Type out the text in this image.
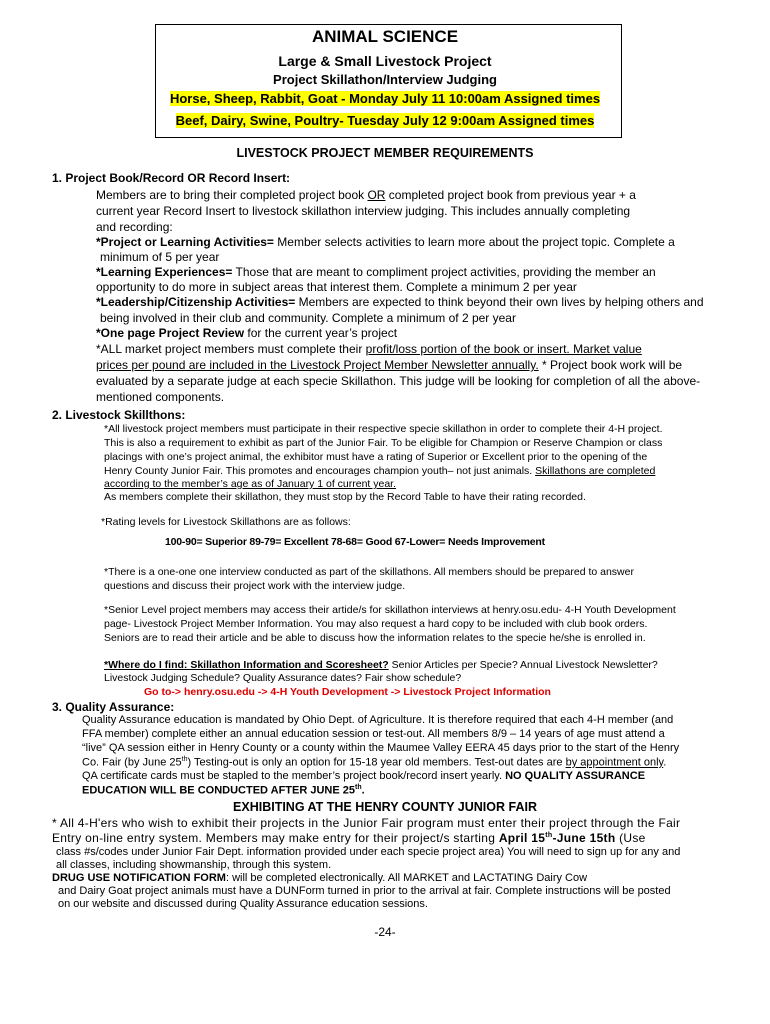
ANIMAL SCIENCE
Large & Small Livestock Project
Project Skillathon/Interview Judging
Horse, Sheep, Rabbit, Goat - Monday July 11 10:00am Assigned times
Beef, Dairy, Swine, Poultry- Tuesday July 12 9:00am Assigned times
LIVESTOCK PROJECT MEMBER REQUIREMENTS
1. Project Book/Record OR Record Insert:
Members are to bring their completed project book OR completed project book from previous year + a
current year Record Insert to livestock skillathon interview judging. This includes annually completing
and recording:
*Project or Learning Activities= Member selects activities to learn more about the project topic. Complete a
minimum of 5 per year
*Learning Experiences= Those that are meant to compliment project activities, providing the member an
opportunity to do more in subject areas that interest them. Complete a minimum 2 per year
*Leadership/Citizenship Activities= Members are expected to think beyond their own lives by helping others and
being involved in their club and community. Complete a minimum of 2 per year
*One page Project Review for the current year’s project
*ALL market project members must complete their profit/loss portion of the book or insert. Market value
prices per pound are included in the Livestock Project Member Newsletter annually. * Project book work will be
evaluated by a separate judge at each specie Skillathon. This judge will be looking for completion of all the above-
mentioned components.
2. Livestock Skillthons:
*All livestock project members must participate in their respective specie skillathon in order to complete their 4-H project.
This is also a requirement to exhibit as part of the Junior Fair. To be eligible for Champion or Reserve Champion or class
placings with one’s project animal, the exhibitor must have a rating of Superior or Excellent prior to the opening of the
Henry County Junior Fair. This promotes and encourages champion youth– not just animals. Skillathons are completed
according to the member’s age as of January 1 of current year.
As members complete their skillathon, they must stop by the Record Table to have their rating recorded.
*Rating levels for Livestock Skillathons are as follows:
100-90= Superior 89-79= Excellent 78-68= Good 67-Lower= Needs Improvement
*There is a one-one one interview conducted as part of the skillathons. All members should be prepared to answer
questions and discuss their project work with the interview judge.
*Senior Level project members may access their artide/s for skillathon interviews at henry.osu.edu- 4-H Youth Development
page- Livestock Project Member Information. You may also request a hard copy to be included with club book orders.
Seniors are to read their article and be able to discuss how the information relates to the specie he/she is enrolled in.
*Where do I find: Skillathon Information and Scoresheet? Senior Articles per Specie? Annual Livestock Newsletter?
Livestock Judging Schedule? Quality Assurance dates? Fair show schedule?
Go to-> henry.osu.edu -> 4-H Youth Development -> Livestock Project Information
3. Quality Assurance:
Quality Assurance education is mandated by Ohio Dept. of Agriculture. It is therefore required that each 4-H member (and
FFA member) complete either an annual education session or test-out. All members 8/9 – 14 years of age must attend a
“live” QA session either in Henry County or a county within the Maumee Valley EERA 45 days prior to the start of the Henry
Co. Fair (by June 25th) Testing-out is only an option for 15-18 year old members. Test-out dates are by appointment only.
QA certificate cards must be stapled to the member’s project book/record insert yearly. NO QUALITY ASSURANCE
EDUCATION WILL BE CONDUCTED AFTER JUNE 25th.
EXHIBITING AT THE HENRY COUNTY JUNIOR FAIR
* All 4-H'ers who wish to exhibit their projects in the Junior Fair program must enter their project through the Fair
Entry on-line entry system. Members may make entry for their project/s starting April 15th-June 15th (Use
class #s/codes under Junior Fair Dept. information provided under each specie project area) You will need to sign up for any and
all classes, including showmanship, through this system.
DRUG USE NOTIFICATION FORM: will be completed electronically. All MARKET and LACTATING Dairy Cow
and Dairy Goat project animals must have a DUNForm turned in prior to the arrival at fair. Complete instructions will be posted
on our website and discussed during Quality Assurance education sessions.
-24-
